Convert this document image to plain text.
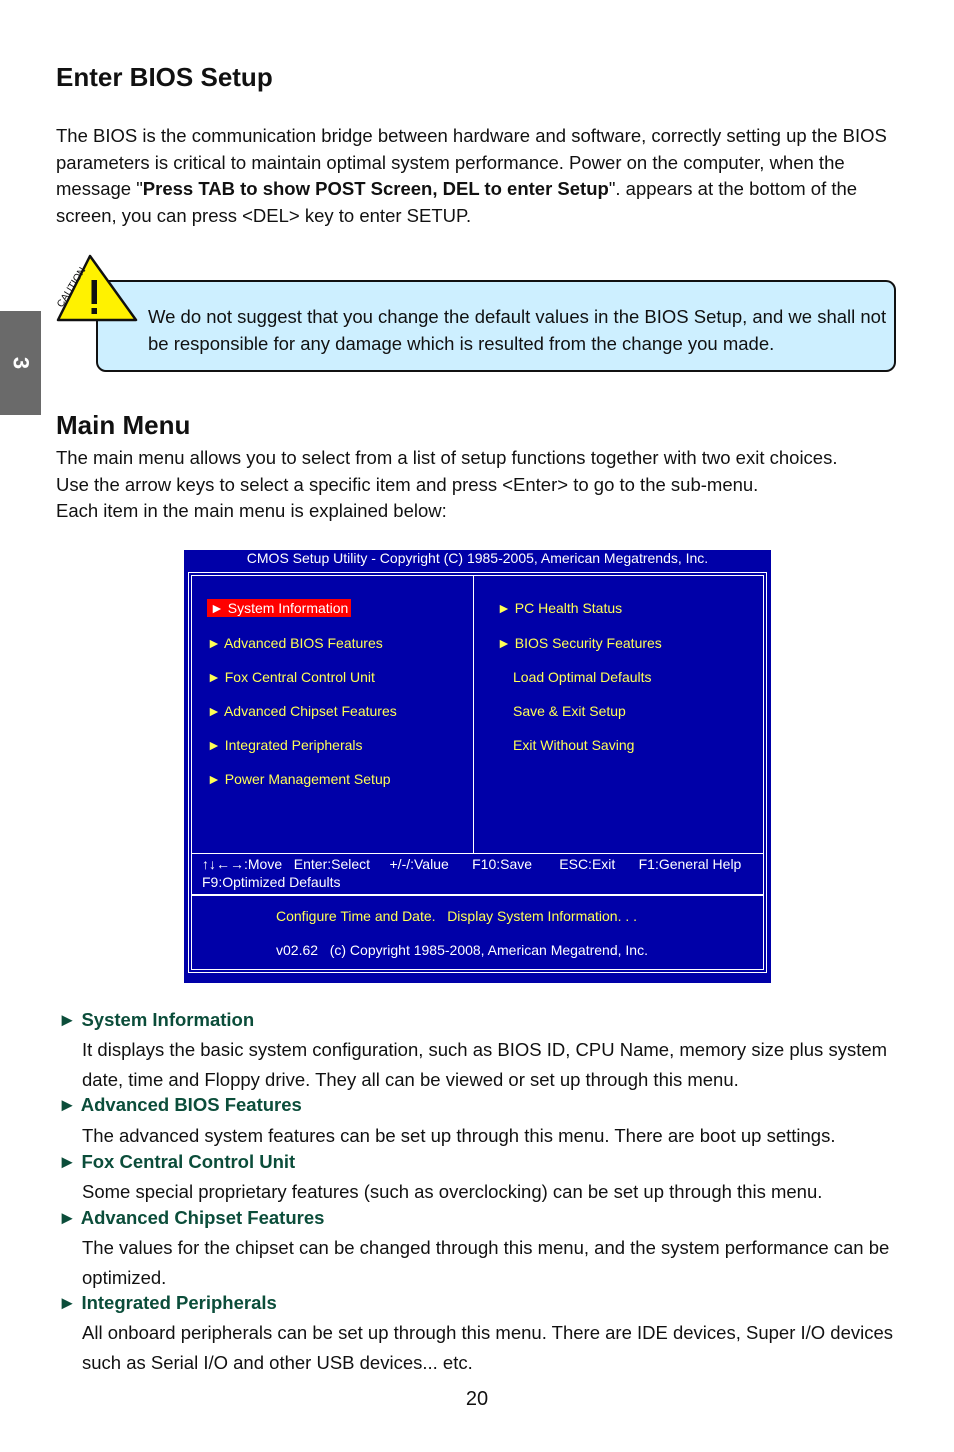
3
Enter BIOS Setup

The BIOS is the communication bridge between hardware and software, correctly setting up the BIOS parameters is critical to maintain optimal system performance. Power on the computer, when the message "Press TAB to show POST Screen, DEL to enter Setup". appears at the bottom of the screen, you can press <DEL> key to enter SETUP.

CAUTION

We do not suggest that you change the default values in the BIOS Setup, and we shall not be responsible for any damage which is resulted from the change you made.

Main Menu
The main menu allows you to select from a list of setup functions together with two exit choices.
Use the arrow keys to select a specific item and press <Enter> to go to the sub-menu.
Each item in the main menu is explained below:
CMOS Setup Utility - Copyright (C) 1985-2005, American Megatrends, Inc.
► System Information
► Advanced BIOS Features
► Fox Central Control Unit
► Advanced Chipset Features
► Integrated Peripherals
► Power Management Setup
► PC Health Status
► BIOS Security Features
Load Optimal Defaults
Save & Exit Setup
Exit Without Saving
↑↓←→:Move   Enter:Select     +/-/:Value      F10:Save       ESC:Exit      F1:General Help
F9:Optimized Defaults
Configure Time and Date.   Display System Information. . .
v02.62   (c) Copyright 1985-2008, American Megatrend, Inc.
► System Information

It displays the basic system configuration, such as BIOS ID, CPU Name, memory size plus system date, time and Floppy drive. They all can be viewed or set up through this menu.

► Advanced BIOS Features

The advanced system features can be set up through this menu. There are boot up settings.

► Fox Central Control Unit

Some special proprietary features (such as overclocking) can be set up through this menu.

► Advanced Chipset Features

The values for the chipset can be changed through this menu, and the system performance can be optimized.

► Integrated Peripherals

All onboard peripherals can be set up through this menu. There are IDE devices, Super I/O devices such as Serial I/O and other USB devices... etc.

20
